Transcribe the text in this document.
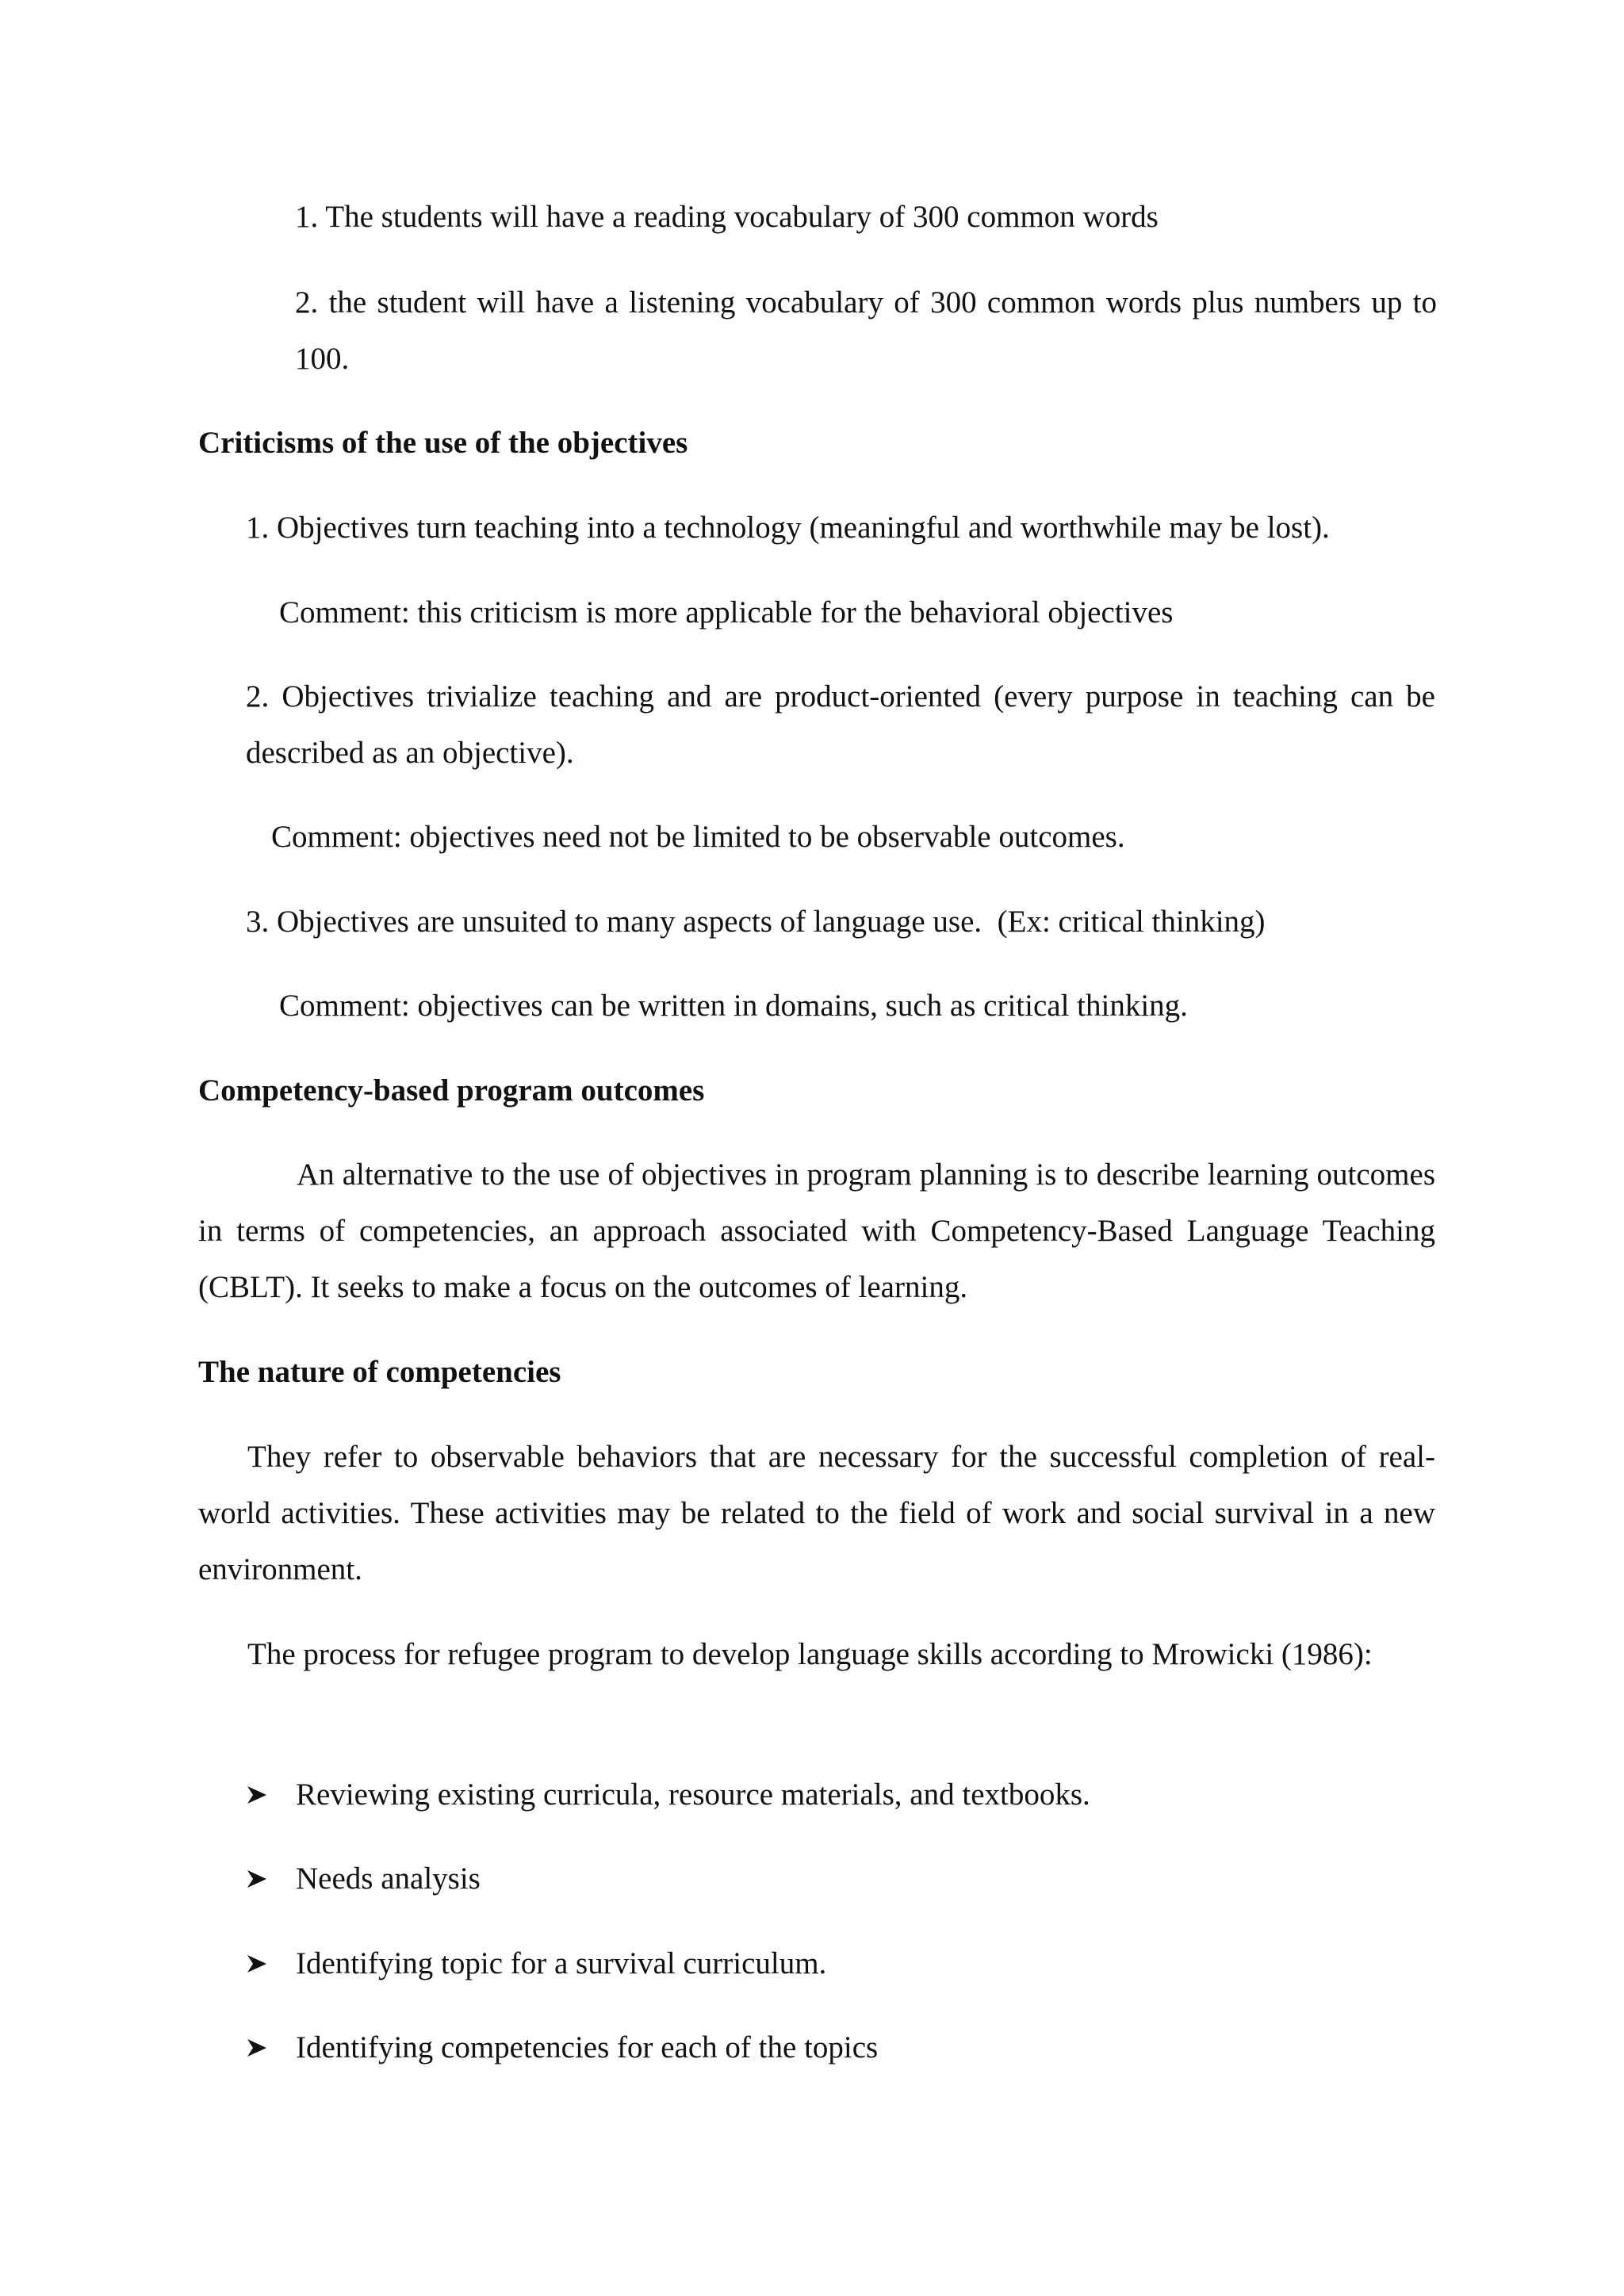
1. The students will have a reading vocabulary of 300 common words

2. the student will have a listening vocabulary of 300 common words plus numbers up to 100.

Criticisms of the use of the objectives

1. Objectives turn teaching into a technology (meaningful and worthwhile may be lost).

Comment: this criticism is more applicable for the behavioral objectives

2. Objectives trivialize teaching and are product-oriented (every purpose in teaching can be described as an objective).

Comment: objectives need not be limited to be observable outcomes.

3. Objectives are unsuited to many aspects of language use.  (Ex: critical thinking)

Comment: objectives can be written in domains, such as critical thinking.

Competency-based program outcomes

An alternative to the use of objectives in program planning is to describe learning outcomes in terms of competencies, an approach associated with Competency-Based Language Teaching (CBLT). It seeks to make a focus on the outcomes of learning.

The nature of competencies

They refer to observable behaviors that are necessary for the successful completion of real-world activities. These activities may be related to the field of work and social survival in a new environment.

The process for refugee program to develop language skills according to Mrowicki (1986):

Reviewing existing curricula, resource materials, and textbooks.
Needs analysis
Identifying topic for a survival curriculum.
Identifying competencies for each of the topics
